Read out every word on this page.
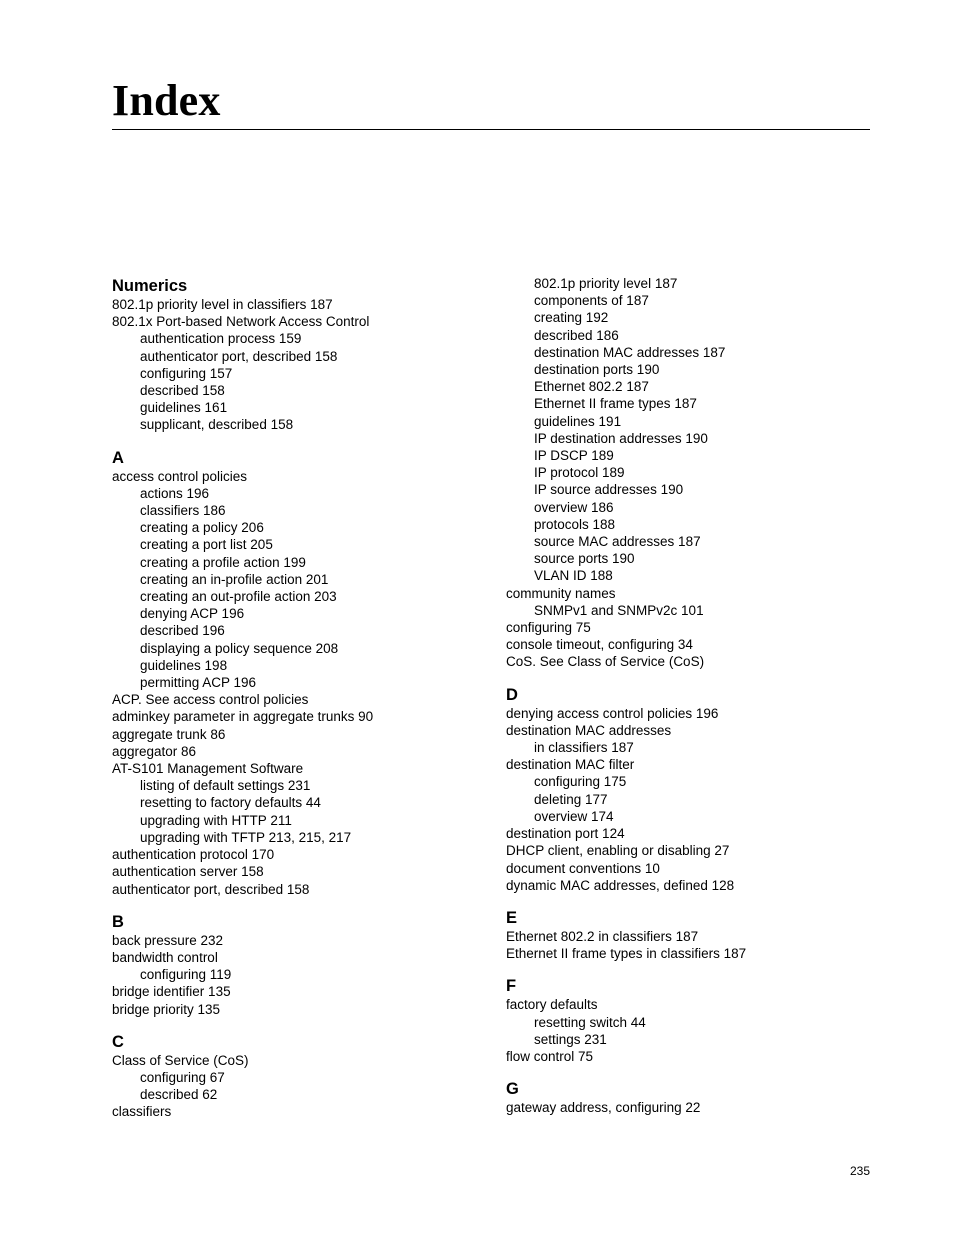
Index
Numerics
802.1p priority level in classifiers 187
802.1x Port-based Network Access Control
authentication process 159
authenticator port, described 158
configuring 157
described 158
guidelines 161
supplicant, described 158
A
access control policies
actions 196
classifiers 186
creating a policy 206
creating a port list 205
creating a profile action 199
creating an in-profile action 201
creating an out-profile action 203
denying ACP 196
described 196
displaying a policy sequence 208
guidelines 198
permitting ACP 196
ACP. See access control policies
adminkey parameter in aggregate trunks 90
aggregate trunk 86
aggregator 86
AT-S101 Management Software
listing of default settings 231
resetting to factory defaults 44
upgrading with HTTP 211
upgrading with TFTP 213, 215, 217
authentication protocol 170
authentication server 158
authenticator port, described 158
B
back pressure 232
bandwidth control
configuring 119
bridge identifier 135
bridge priority 135
C
Class of Service (CoS)
configuring 67
described 62
classifiers
802.1p priority level 187
components of 187
creating 192
described 186
destination MAC addresses 187
destination ports 190
Ethernet 802.2 187
Ethernet II frame types 187
guidelines 191
IP destination addresses 190
IP DSCP 189
IP protocol 189
IP source addresses 190
overview 186
protocols 188
source MAC addresses 187
source ports 190
VLAN ID 188
community names
SNMPv1 and SNMPv2c 101
configuring 75
console timeout, configuring 34
CoS. See Class of Service (CoS)
D
denying access control policies 196
destination MAC addresses
in classifiers 187
destination MAC filter
configuring 175
deleting 177
overview 174
destination port 124
DHCP client, enabling or disabling 27
document conventions 10
dynamic MAC addresses, defined 128
E
Ethernet 802.2 in classifiers 187
Ethernet II frame types in classifiers 187
F
factory defaults
resetting switch 44
settings 231
flow control 75
G
gateway address, configuring 22
235
